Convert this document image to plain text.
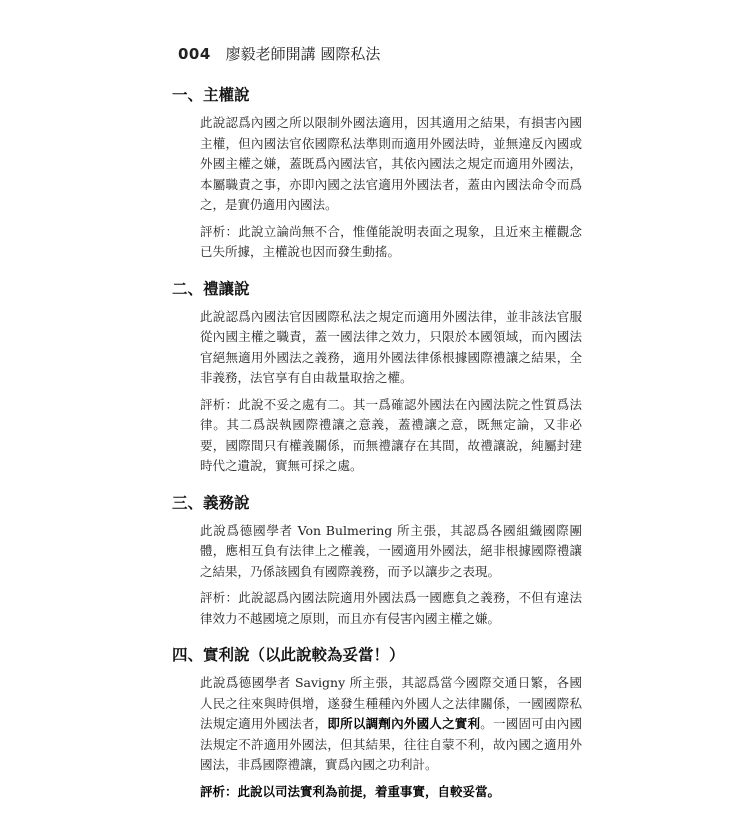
004 廖毅老師開講 國際私法
一、主權說

此說認爲內國之所以限制外國法適用，因其適用之結果，有損害內國主權，但內國法官依國際私法準則而適用外國法時，並無違反內國或外國主權之嫌，蓋既爲內國法官，其依內國法之規定而適用外國法，本屬職責之事，亦即內國之法官適用外國法者，蓋由內國法命令而爲之，是實仍適用內國法。

評析：此說立論尚無不合，惟僅能說明表面之現象，且近來主權觀念已失所據，主權說也因而發生動搖。

二、禮讓說

此說認爲內國法官因國際私法之規定而適用外國法律，並非該法官服從內國主權之職責，蓋一國法律之效力，只限於本國領域，而內國法官絕無適用外國法之義務，適用外國法律係根據國際禮讓之結果，全非義務，法官享有自由裁量取捨之權。

評析：此說不妥之處有二。其一爲確認外國法在內國法院之性質爲法律。其二爲誤執國際禮讓之意義，蓋禮讓之意，既無定論，又非必要，國際間只有權義關係，而無禮讓存在其間，故禮讓說，純屬封建時代之遺說，實無可採之處。

三、義務說

此說爲德國學者 Von Bulmering 所主張，其認爲各國組織國際團體，應相互負有法律上之權義，一國適用外國法，絕非根據國際禮讓之結果，乃係該國負有國際義務，而予以讓步之表現。

評析：此說認爲內國法院適用外國法爲一國應負之義務，不但有違法律效力不越國境之原則，而且亦有侵害內國主權之嫌。

四、實利說（以此說較為妥當！）

此說爲德國學者 Savigny 所主張，其認爲當今國際交通日繁，各國人民之往來與時俱增，遂發生種種內外國人之法律關係，一國國際私法規定適用外國法者，即所以調劑內外國人之實利。一國固可由內國法規定不許適用外國法，但其結果，往往自蒙不利，故內國之適用外國法，非爲國際禮讓，實爲內國之功利計。

評析：此說以司法實利為前提，着重事實，自較妥當。
